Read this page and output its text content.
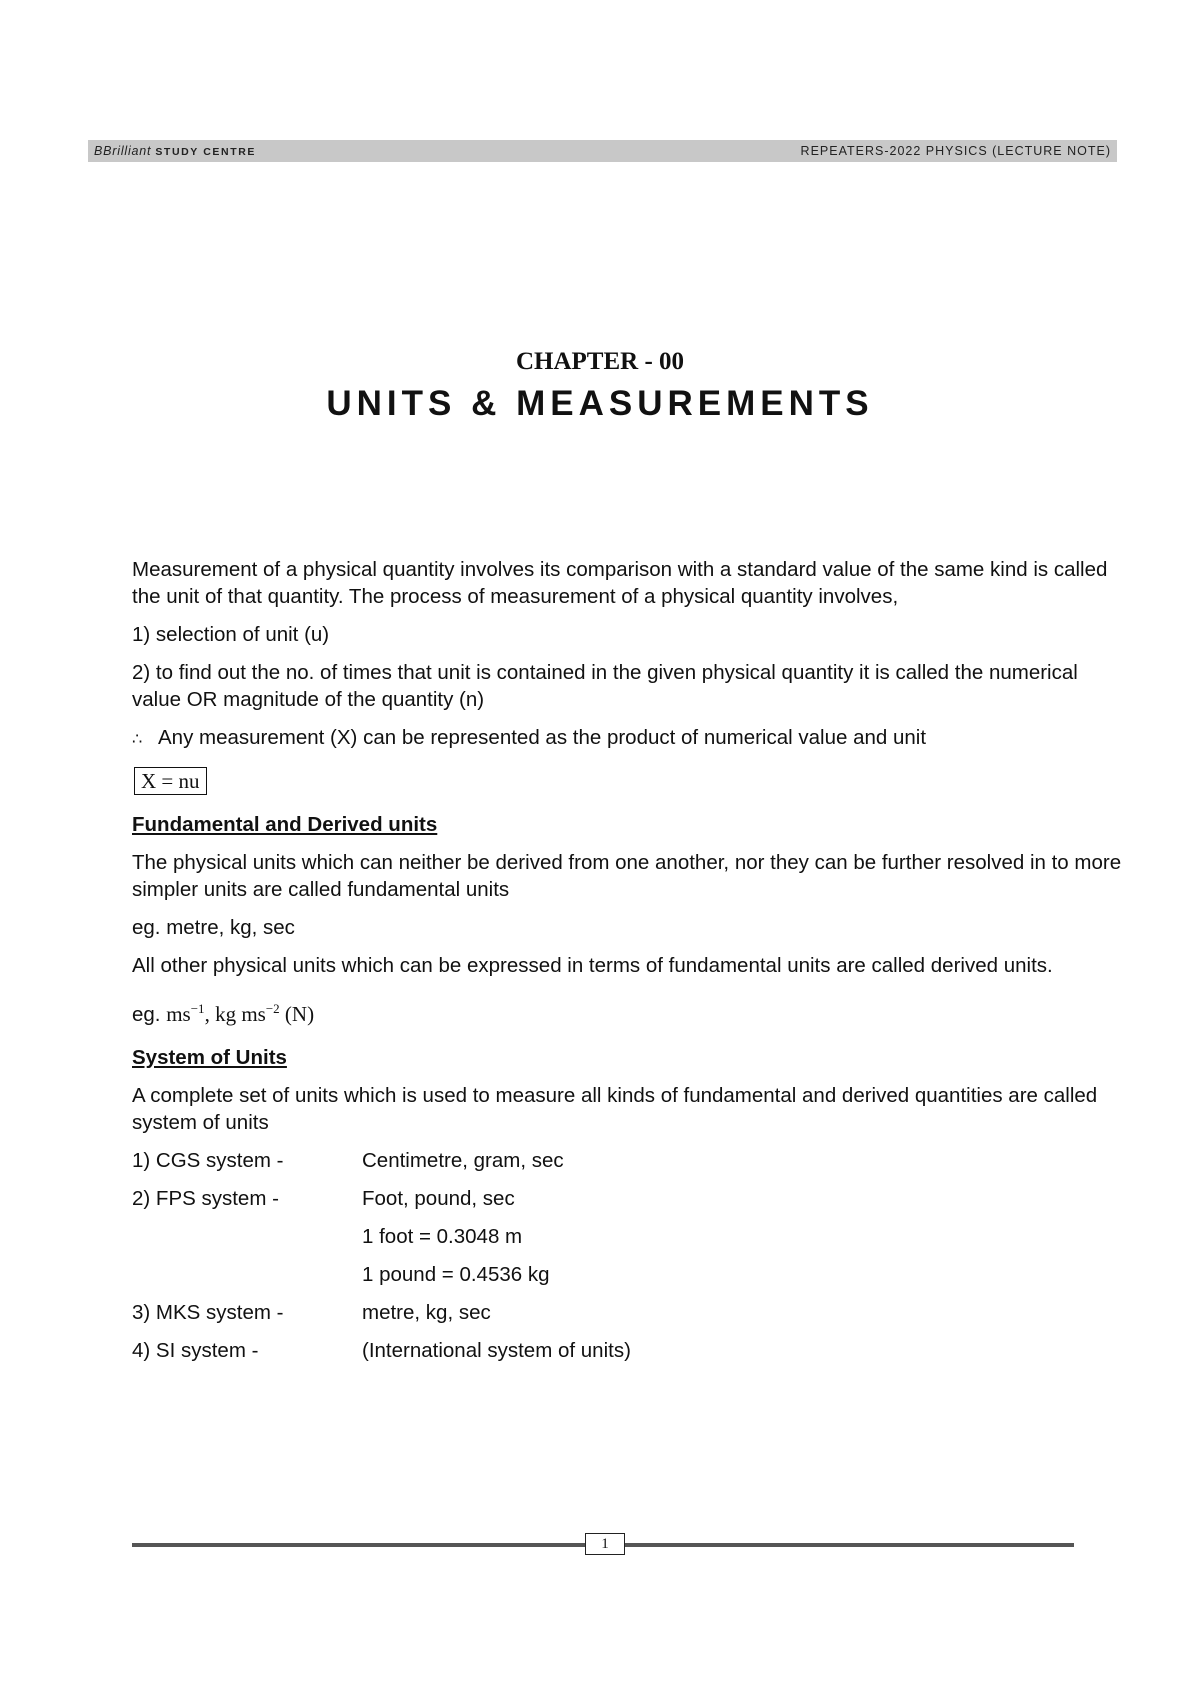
BBrilliant STUDY CENTRE	REPEATERS-2022 PHYSICS (LECTURE NOTE)
CHAPTER - 00
UNITS & MEASUREMENTS

Measurement of a physical quantity involves its comparison with a standard value of the same kind is called the unit of that quantity. The process of measurement of a physical quantity involves,

1) selection of unit (u)

2) to find out the no. of times that unit is contained in the given physical quantity it is called the numerical value OR magnitude of the quantity (n)

∴ Any measurement (X) can be represented as the product of numerical value and unit

X = nu

Fundamental and Derived units

The physical units which can neither be derived from one another, nor they can be further resolved in to more simpler units are called fundamental units

eg. metre, kg, sec

All other physical units which can be expressed in terms of fundamental units are called derived units.

eg. $ms^{-1}$, kg $ms^{-2}$ (N)

System of Units

A complete set of units which is used to measure all kinds of fundamental and derived quantities are called system of units

1) CGS system -	Centimetre, gram, sec
2) FPS system -	Foot, pound, sec
1 foot = 0.3048 m
1 pound = 0.4536 kg
3) MKS system -	metre, kg, sec
4) SI system -	(International system of units)
1
